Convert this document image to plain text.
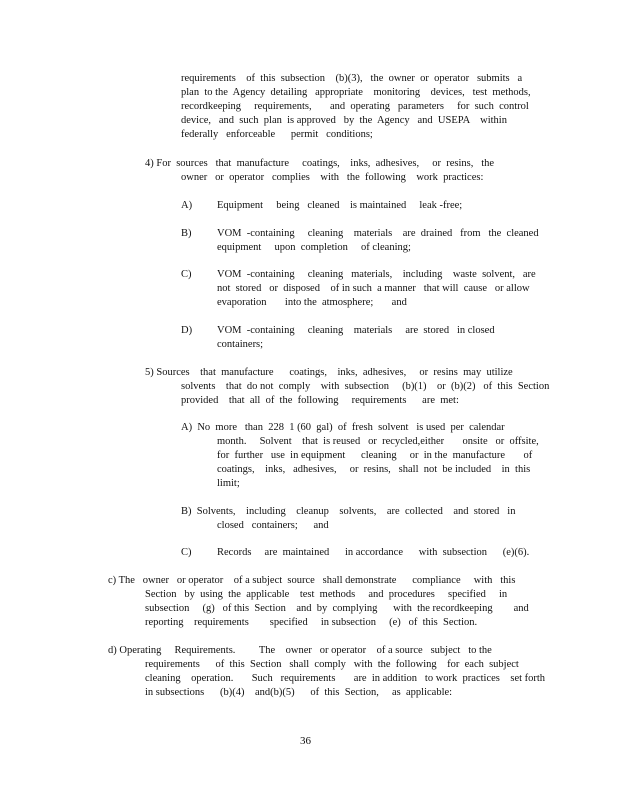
requirements    of  this  subsection    (b)(3),   the  owner  or  operator   submits   a
plan  to the  Agency  detailing   appropriate    monitoring    devices,   test  methods,
recordkeeping     requirements,       and  operating   parameters     for  such  control
device,   and  such  plan  is approved   by  the  Agency   and  USEPA    within
federally   enforceable      permit   conditions;
4) For  sources   that  manufacture     coatings,    inks,  adhesives,     or  resins,   the
owner   or  operator   complies    with   the  following    work  practices:
A) Equipment     being   cleaned    is maintained     leak -free;
B) VOM  -containing     cleaning    materials    are  drained   from   the  cleaned
equipment     upon  completion     of cleaning;
C) VOM  -containing     cleaning   materials,    including    waste  solvent,   are
not  stored   or  disposed    of in such  a manner   that will  cause   or allow
evaporation       into the  atmosphere;       and
D) VOM  -containing     cleaning    materials     are  stored   in closed
containers;
5) Sources    that  manufacture      coatings,    inks,  adhesives,     or  resins  may  utilize
solvents    that  do not  comply    with  subsection     (b)(1)    or  (b)(2)   of  this  Section
provided    that  all  of  the  following     requirements      are  met:
A)  No  more   than  228  1 (60  gal)  of  fresh  solvent   is used  per  calendar
month.     Solvent    that  is reused   or  recycled,either       onsite   or  offsite,
for  further   use  in equipment      cleaning     or  in the  manufacture       of
coatings,    inks,   adhesives,     or  resins,   shall  not  be included    in  this
limit;
B)  Solvents,    including    cleanup    solvents,    are  collected    and  stored   in
closed   containers;      and
C) Records     are  maintained      in accordance      with  subsection      (e)(6).
c) The   owner   or operator    of a subject  source   shall demonstrate      compliance     with   this
Section   by  using  the  applicable    test  methods     and  procedures     specified     in
subsection     (g)   of this  Section    and  by  complying      with  the recordkeeping        and
reporting    requirements        specified     in subsection     (e)   of  this  Section.
d) Operating     Requirements.         The    owner   or operator    of a source   subject   to the
requirements      of  this  Section   shall  comply   with  the  following    for  each  subject
cleaning    operation.       Such   requirements       are  in addition   to work  practices    set forth
in subsections      (b)(4)    and(b)(5)      of  this  Section,     as  applicable:
36
